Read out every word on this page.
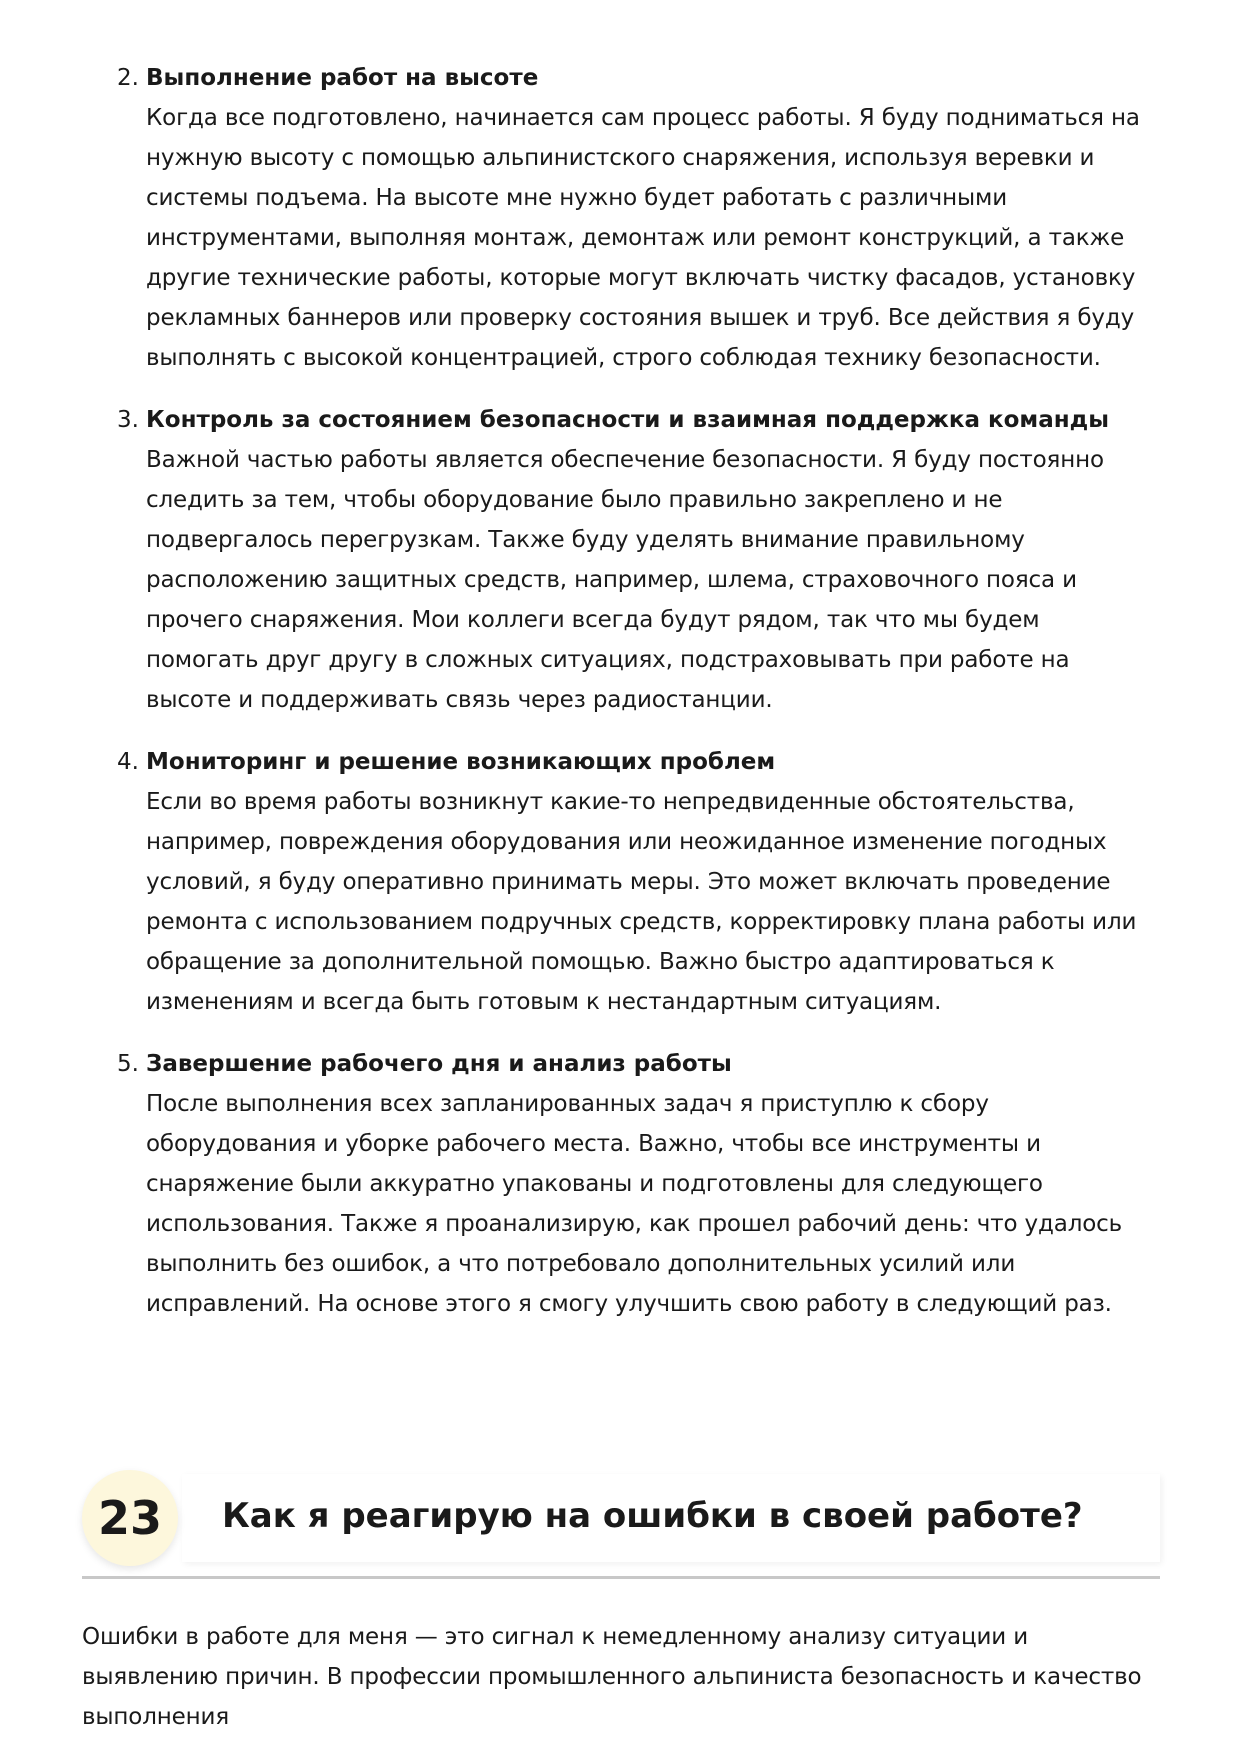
2. Выполнение работ на высоте
Когда все подготовлено, начинается сам процесс работы. Я буду подниматься на нужную высоту с помощью альпинистского снаряжения, используя веревки и системы подъема. На высоте мне нужно будет работать с различными инструментами, выполняя монтаж, демонтаж или ремонт конструкций, а также другие технические работы, которые могут включать чистку фасадов, установку рекламных баннеров или проверку состояния вышек и труб. Все действия я буду выполнять с высокой концентрацией, строго соблюдая технику безопасности.
3. Контроль за состоянием безопасности и взаимная поддержка команды
Важной частью работы является обеспечение безопасности. Я буду постоянно следить за тем, чтобы оборудование было правильно закреплено и не подвергалось перегрузкам. Также буду уделять внимание правильному расположению защитных средств, например, шлема, страховочного пояса и прочего снаряжения. Мои коллеги всегда будут рядом, так что мы будем помогать друг другу в сложных ситуациях, подстраховывать при работе на высоте и поддерживать связь через радиостанции.
4. Мониторинг и решение возникающих проблем
Если во время работы возникнут какие-то непредвиденные обстоятельства, например, повреждения оборудования или неожиданное изменение погодных условий, я буду оперативно принимать меры. Это может включать проведение ремонта с использованием подручных средств, корректировку плана работы или обращение за дополнительной помощью. Важно быстро адаптироваться к изменениям и всегда быть готовым к нестандартным ситуациям.
5. Завершение рабочего дня и анализ работы
После выполнения всех запланированных задач я приступлю к сбору оборудования и уборке рабочего места. Важно, чтобы все инструменты и снаряжение были аккуратно упакованы и подготовлены для следующего использования. Также я проанализирую, как прошел рабочий день: что удалось выполнить без ошибок, а что потребовало дополнительных усилий или исправлений. На основе этого я смогу улучшить свою работу в следующий раз.
23	Как я реагирую на ошибки в своей работе?

Ошибки в работе для меня — это сигнал к немедленному анализу ситуации и выявлению причин. В профессии промышленного альпиниста безопасность и качество выполнения
